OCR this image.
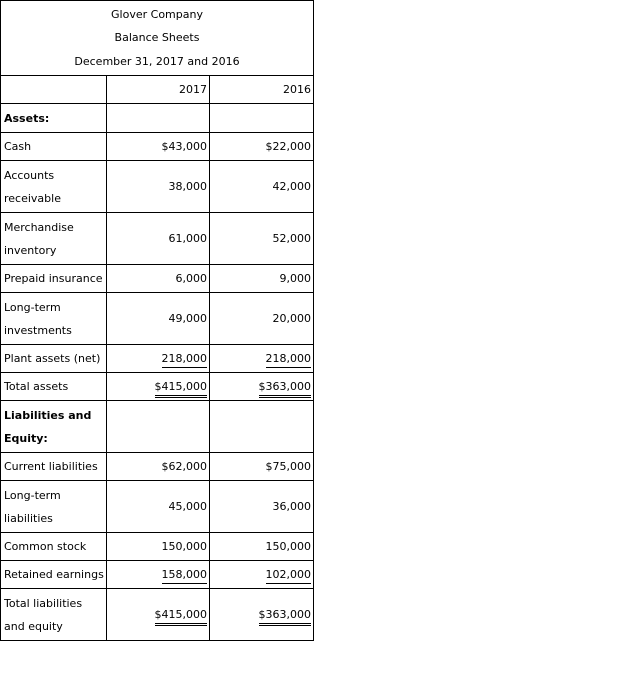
Glover Company
Balance Sheets
December 31, 2017 and 2016		

	2017	2016
Assets:		
Cash	$43,000	$22,000

Accounts
receivable	38,000	42,000

Merchandise
inventory	61,000	52,000
Prepaid insurance	6,000	9,000

Long-term
investments	49,000	20,000
Plant assets (net)	218,000	218,000
Total assets	$415,000	$363,000

Liabilities and
Equity:		

Current liabilities	$62,000	$75,000

Long-term
liabilities	45,000	36,000
Common stock	150,000	150,000
Retained earnings	158,000	102,000

Total liabilities
and equity	$415,000	$363,000
